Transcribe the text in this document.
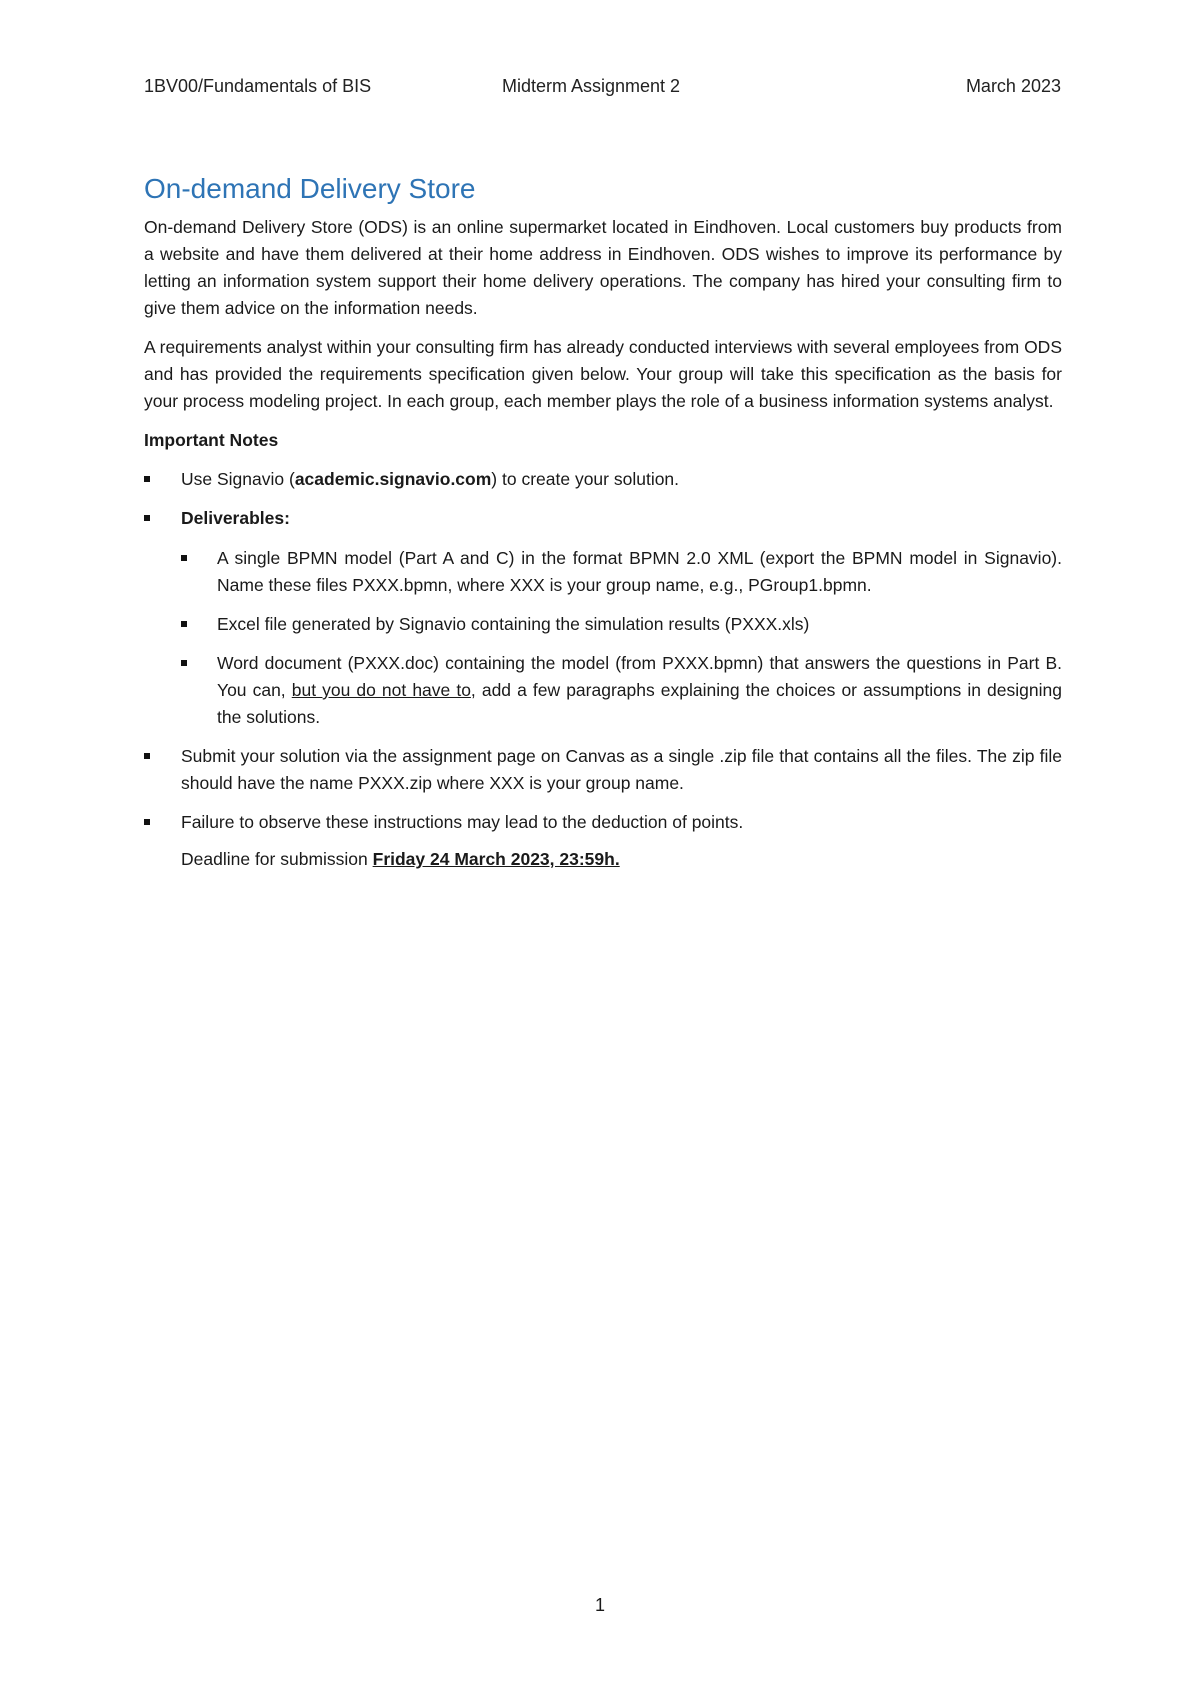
1BV00/Fundamentals of BIS	Midterm Assignment 2	March 2023
On-demand Delivery Store

On-demand Delivery Store (ODS) is an online supermarket located in Eindhoven. Local customers buy products from a website and have them delivered at their home address in Eindhoven. ODS wishes to improve its performance by letting an information system support their home delivery operations. The company has hired your consulting firm to give them advice on the information needs.

A requirements analyst within your consulting firm has already conducted interviews with several employees from ODS and has provided the requirements specification given below. Your group will take this specification as the basis for your process modeling project. In each group, each member plays the role of a business information systems analyst.

Important Notes
Use Signavio (academic.signavio.com) to create your solution.
Deliverables:
A single BPMN model (Part A and C) in the format BPMN 2.0 XML (export the BPMN model in Signavio). Name these files PXXX.bpmn, where XXX is your group name, e.g., PGroup1.bpmn.
Excel file generated by Signavio containing the simulation results (PXXX.xls)
Word document (PXXX.doc) containing the model (from PXXX.bpmn) that answers the questions in Part B. You can, but you do not have to, add a few paragraphs explaining the choices or assumptions in designing the solutions.
Submit your solution via the assignment page on Canvas as a single .zip file that contains all the files. The zip file should have the name PXXX.zip where XXX is your group name.
Failure to observe these instructions may lead to the deduction of points.

Deadline for submission Friday 24 March 2023, 23:59h.

1
